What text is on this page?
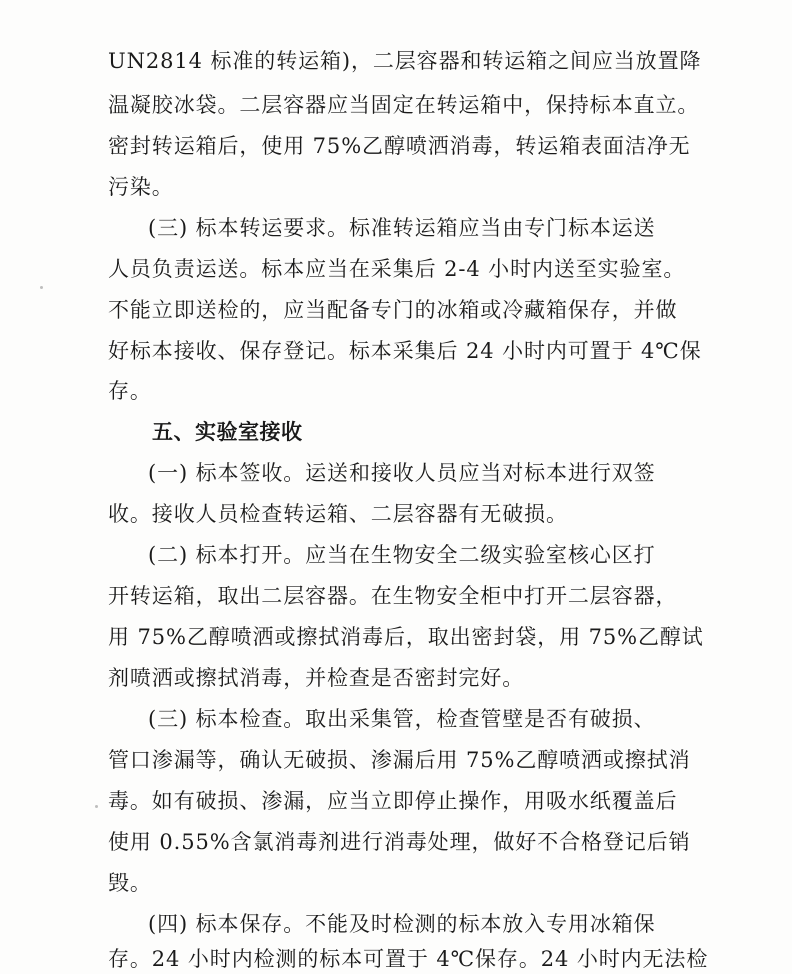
UN2814 标准的转运箱)，二层容器和转运箱之间应当放置降
温凝胶冰袋。二层容器应当固定在转运箱中，保持标本直立。
密封转运箱后，使用 75%乙醇喷洒消毒，转运箱表面洁净无
污染。
(三) 标本转运要求。标准转运箱应当由专门标本运送
人员负责运送。标本应当在采集后 2-4 小时内送至实验室。
不能立即送检的，应当配备专门的冰箱或冷藏箱保存，并做
好标本接收、保存登记。标本采集后 24 小时内可置于 4℃保
存。
五、实验室接收
(一) 标本签收。运送和接收人员应当对标本进行双签
收。接收人员检查转运箱、二层容器有无破损。
(二) 标本打开。应当在生物安全二级实验室核心区打
开转运箱，取出二层容器。在生物安全柜中打开二层容器，
用 75%乙醇喷洒或擦拭消毒后，取出密封袋，用 75%乙醇试
剂喷洒或擦拭消毒，并检查是否密封完好。
(三) 标本检查。取出采集管，检查管壁是否有破损、
管口渗漏等，确认无破损、渗漏后用 75%乙醇喷洒或擦拭消
毒。如有破损、渗漏，应当立即停止操作，用吸水纸覆盖后
使用 0.55%含氯消毒剂进行消毒处理，做好不合格登记后销
毁。
(四) 标本保存。不能及时检测的标本放入专用冰箱保
存。24 小时内检测的标本可置于 4℃保存。24 小时内无法检
